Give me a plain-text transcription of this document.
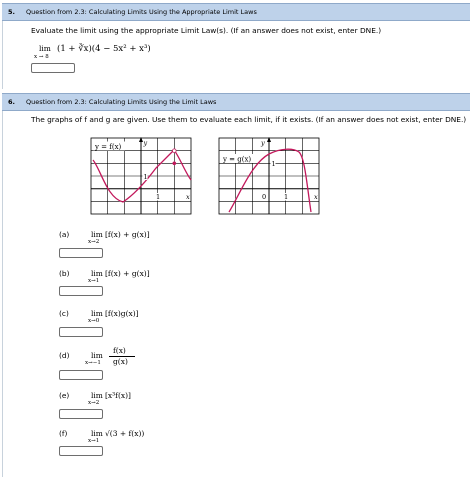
5. Question from 2.3: Calculating Limits Using the Appropriate Limit Laws
Evaluate the limit using the appropriate Limit Law(s). (If an answer does not exist, enter DNE.)
lim
x → 8
(1 + ∛x)(4 − 5x² + x³)
6. Question from 2.3: Calculating Limits Using the Limit Laws
The graphs of f and g are given. Use them to evaluate each limit, if it exists. (If an answer does not exist, enter DNE.)
y = f(x)	y
x
1
1
y = g(x)
y
x
0	1
1
(a)	lim
x→2
[f(x) + g(x)]
(b)	lim
x→1
[f(x) + g(x)]
(c)	lim
x→0
[f(x)g(x)]
(d)	lim
x→−1
f(x)
g(x)
(e)	lim
x→2
[x³f(x)]
(f)	lim
x→1
√(3 + f(x))
